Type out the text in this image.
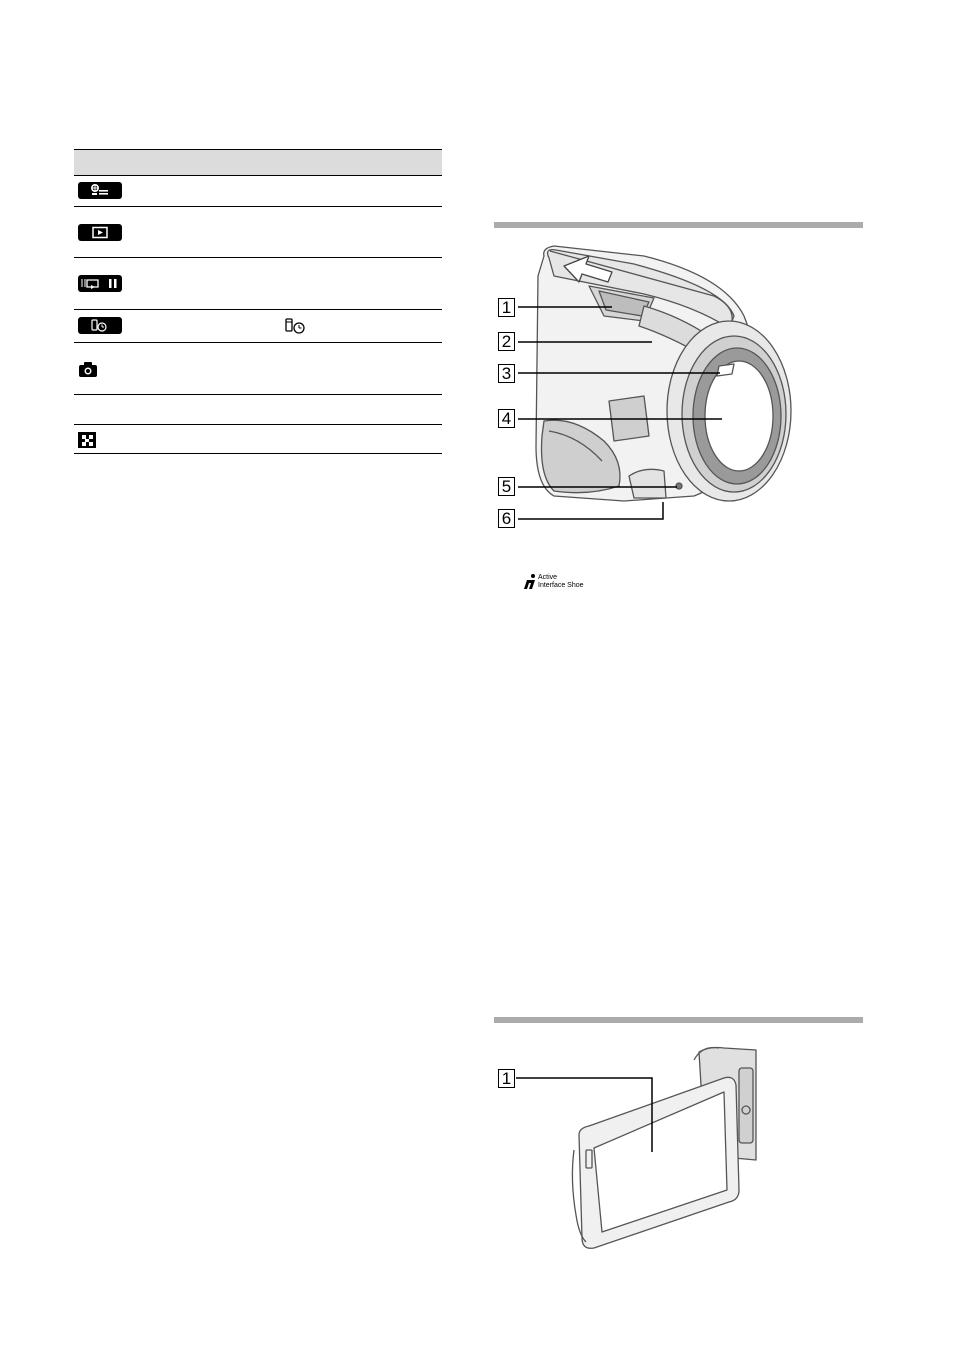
1
2
3
4
5
6
Active
Interface Shoe
1
